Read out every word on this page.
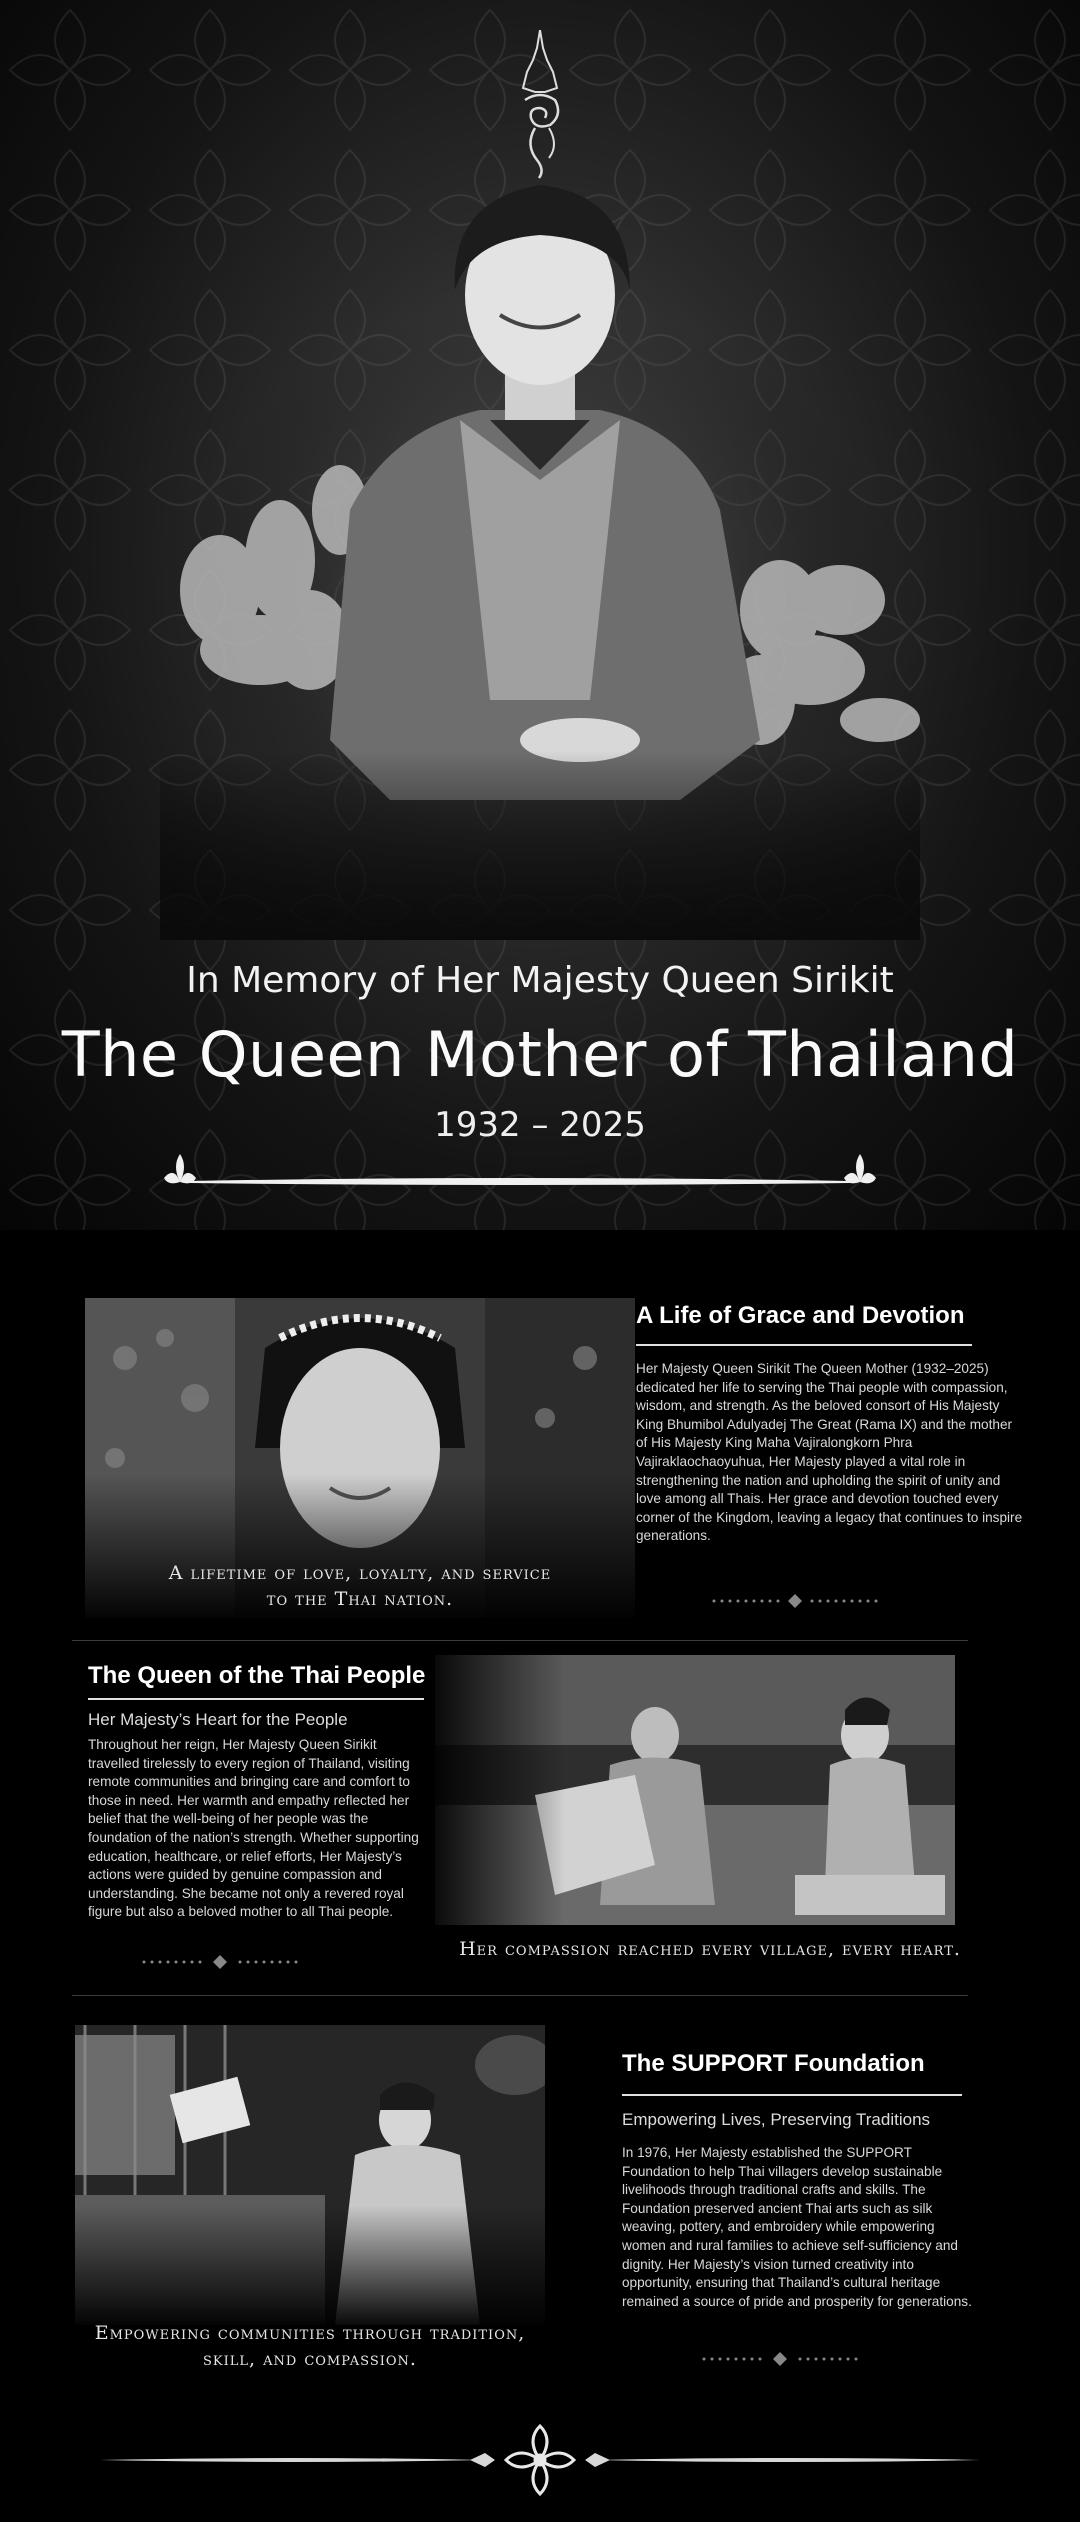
In Memory of Her Majesty Queen Sirikit
The Queen Mother of Thailand
1932 – 2025
A lifetime of love, loyalty, and service
to the Thai nation.
A Life of Grace and Devotion
Her Majesty Queen Sirikit The Queen Mother (1932–2025) dedicated her life to serving the Thai people with compassion, wisdom, and strength. As the beloved consort of His Majesty King Bhumibol Adulyadej The Great (Rama IX) and the mother of His Majesty King Maha Vajiralongkorn Phra Vajiraklaochaoyuhua, Her Majesty played a vital role in strengthening the nation and upholding the spirit of unity and love among all Thais. Her grace and devotion touched every corner of the Kingdom, leaving a legacy that continues to inspire generations.
The Queen of the Thai People
Her Majesty’s Heart for the People
Throughout her reign, Her Majesty Queen Sirikit travelled tirelessly to every region of Thailand, visiting remote communities and bringing care and comfort to those in need. Her warmth and empathy reflected her belief that the well-being of her people was the foundation of the nation’s strength. Whether supporting education, healthcare, or relief efforts, Her Majesty’s actions were guided by genuine compassion and understanding. She became not only a revered royal figure but also a beloved mother to all Thai people.
Her compassion reached every village, every heart.
Empowering communities through tradition,
skill, and compassion.
The SUPPORT Foundation
Empowering Lives, Preserving Traditions
In 1976, Her Majesty established the SUPPORT Foundation to help Thai villagers develop sustainable livelihoods through traditional crafts and skills. The Foundation preserved ancient Thai arts such as silk weaving, pottery, and embroidery while empowering women and rural families to achieve self-sufficiency and dignity. Her Majesty’s vision turned creativity into opportunity, ensuring that Thailand’s cultural heritage remained a source of pride and prosperity for generations.
